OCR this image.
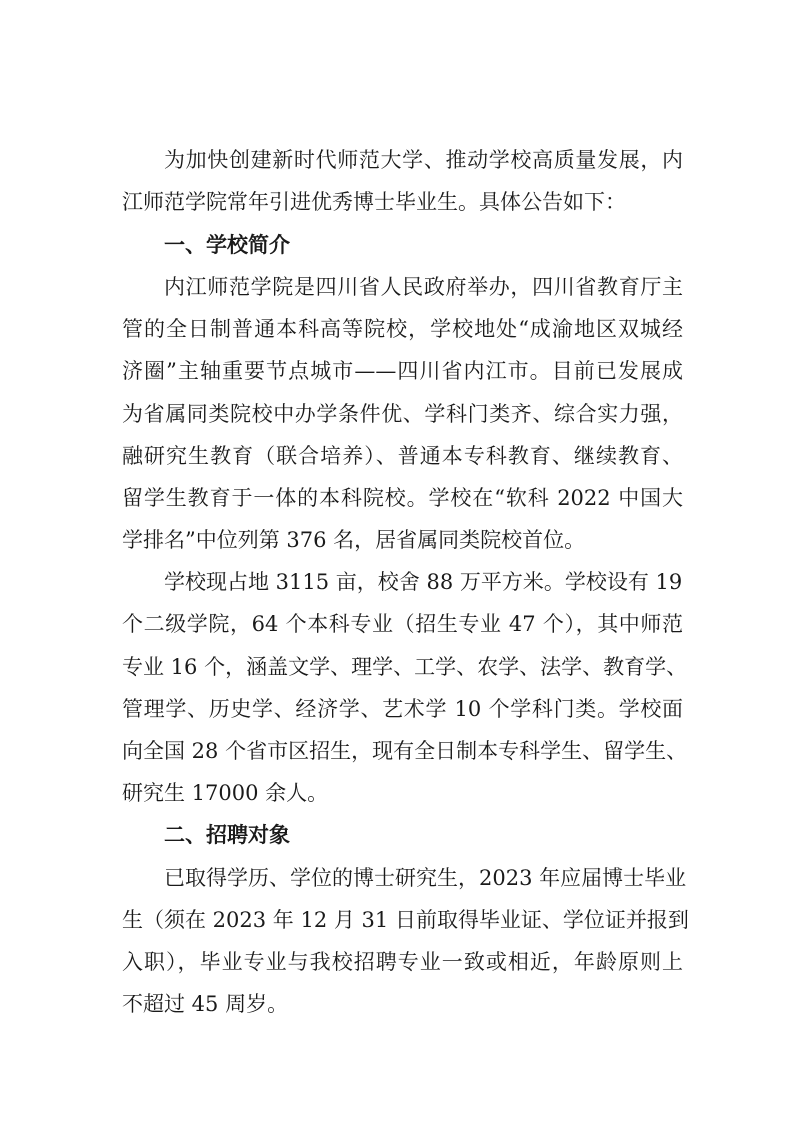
为加快创建新时代师范大学、推动学校高质量发展，内
江师范学院常年引进优秀博士毕业生。具体公告如下：
一、学校简介
内江师范学院是四川省人民政府举办，四川省教育厅主
管的全日制普通本科高等院校，学校地处“成渝地区双城经
济圈”主轴重要节点城市——四川省内江市。目前已发展成
为省属同类院校中办学条件优、学科门类齐、综合实力强，
融研究生教育（联合培养）、普通本专科教育、继续教育、
留学生教育于一体的本科院校。学校在“软科 2022 中国大
学排名”中位列第 376 名，居省属同类院校首位。
学校现占地 3115 亩，校舍 88 万平方米。学校设有 19
个二级学院，64 个本科专业（招生专业 47 个），其中师范
专业 16 个，涵盖文学、理学、工学、农学、法学、教育学、
管理学、历史学、经济学、艺术学 10 个学科门类。学校面
向全国 28 个省市区招生，现有全日制本专科学生、留学生、
研究生 17000 余人。
二、招聘对象
已取得学历、学位的博士研究生，2023 年应届博士毕业
生（须在 2023 年 12 月 31 日前取得毕业证、学位证并报到
入职），毕业专业与我校招聘专业一致或相近，年龄原则上
不超过 45 周岁。
